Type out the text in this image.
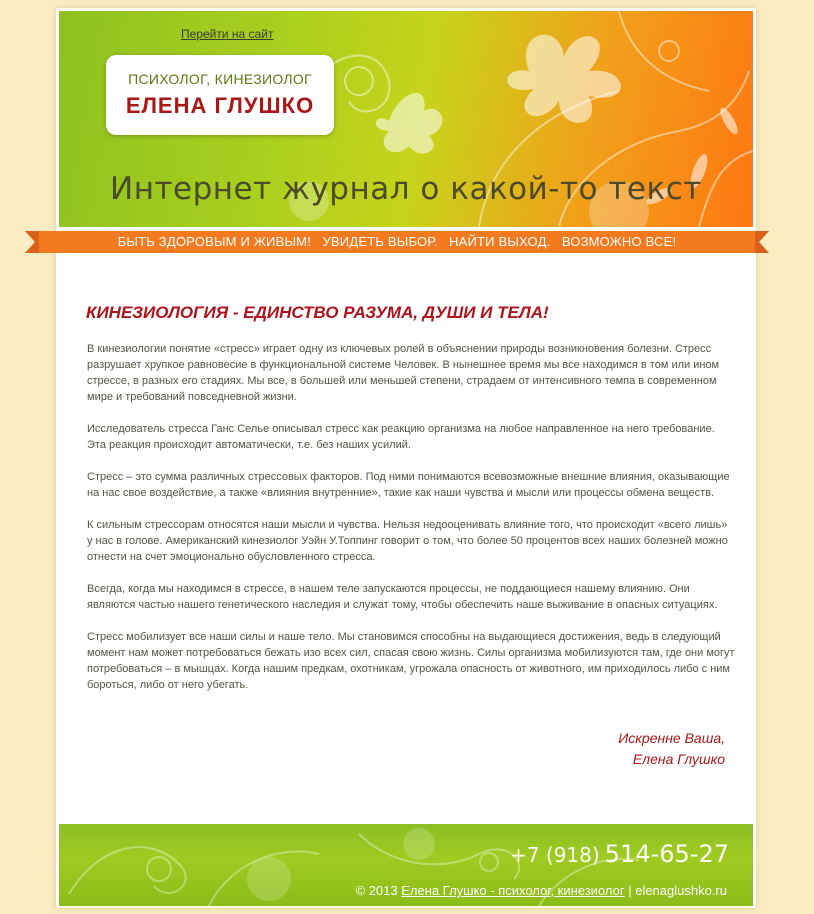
Перейти на сайт
ПСИХОЛОГ, КИНЕЗИОЛОГ
ЕЛЕНА ГЛУШКО
Интернет журнал о какой-то текст
БЫТЬ ЗДОРОВЫМ И ЖИВЫМ!   УВИДЕТЬ ВЫБОР.   НАЙТИ ВЫХОД.   ВОЗМОЖНО ВСЕ!
КИНЕЗИОЛОГИЯ - ЕДИНСТВО РАЗУМА, ДУШИ И ТЕЛА!

В кинезиологии понятие «стресс» играет одну из ключевых ролей в объяснении природы возникновения болезни. Стресс разрушает хрупкое равновесие в функциональной системе Человек. В нынешнее время мы все находимся в том или ином стрессе, в разных его стадиях. Мы все, в большей или меньшей степени, страдаем от интенсивного темпа в современном мире и требований повседневной жизни.

Исследователь стресса Ганс Селье описывал стресс как реакцию организма на любое направленное на него требование. Эта реакция происходит автоматически, т.е. без наших усилий.

Стресс – это сумма различных стрессовых факторов. Под ними понимаются всевозможные внешние влияния, оказывающие на нас свое воздействие, а также «влияния внутренние», такие как наши чувства и мысли или процессы обмена веществ.

К сильным стрессорам относятся наши мысли и чувства. Нельзя недооценивать влияние того, что происходит «всего лишь» у нас в голове. Американский кинезиолог Уэйн У.Топпинг говорит о том, что более 50 процентов всех наших болезней можно отнести на счет эмоционально обусловленного стресса.

Всегда, когда мы находимся в стрессе, в нашем теле запускаются процессы, не поддающиеся нашему влиянию. Они являются частью нашего генетического наследия и служат тому, чтобы обеспечить наше выживание в опасных ситуациях.

Стресс мобилизует все наши силы и наше тело. Мы становимся способны на выдающиеся достижения, ведь в следующий момент нам может потребоваться бежать изо всех сил, спасая свою жизнь. Силы организма мобилизуются там, где они могут потребоваться – в мышцах. Когда нашим предкам, охотникам, угрожала опасность от животного, им приходилось либо с ним бороться, либо от него убегать.

Искренне Ваша,
Елена Глушко
+7 (918) 514-65-27
© 2013 Елена Глушко - психолог, кинезиолог | elenaglushko.ru
